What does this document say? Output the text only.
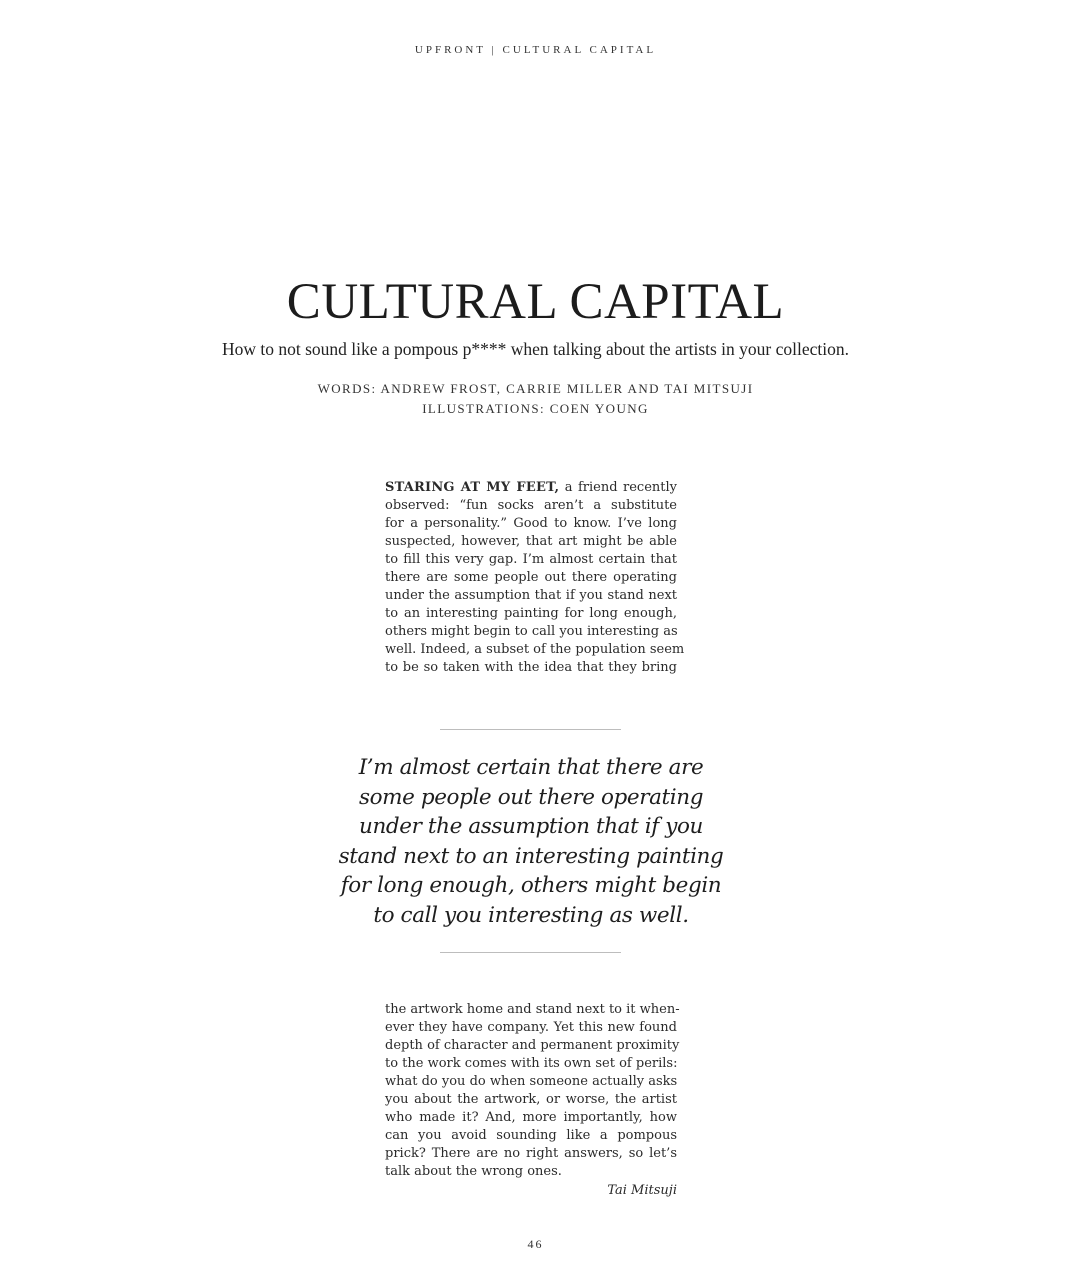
UPFRONT | CULTURAL CAPITAL
CULTURAL CAPITAL
How to not sound like a pompous p**** when talking about the artists in your collection.
WORDS: ANDREW FROST, CARRIE MILLER AND TAI MITSUJI
ILLUSTRATIONS: COEN YOUNG
STARING AT MY FEET, a friend recently
observed: “fun socks aren’t a substitute
for a personality.” Good to know. I’ve long
suspected, however, that art might be able
to fill this very gap. I’m almost certain that
there are some people out there operating
under the assumption that if you stand next
to an interesting painting for long enough,
others might begin to call you interesting as
well. Indeed, a subset of the population seem
to be so taken with the idea that they bring
I’m almost certain that there are
some people out there operating
under the assumption that if you
stand next to an interesting painting
for long enough, others might begin
to call you interesting as well.
the artwork home and stand next to it when-
ever they have company. Yet this new found
depth of character and permanent proximity
to the work comes with its own set of perils:
what do you do when someone actually asks
you about the artwork, or worse, the artist
who made it? And, more importantly, how
can you avoid sounding like a pompous
prick? There are no right answers, so let’s
talk about the wrong ones.
Tai Mitsuji
46
